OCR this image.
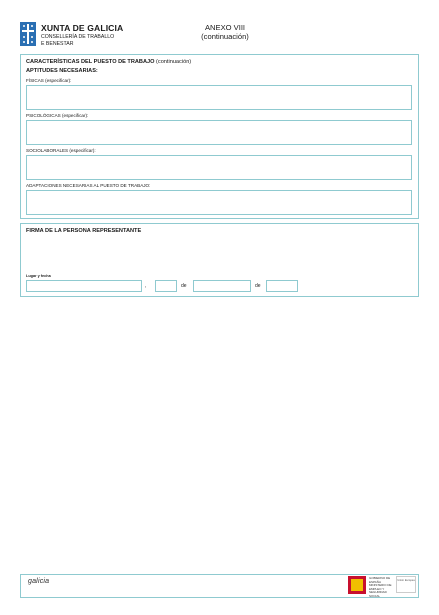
XUNTA DE GALICIA
CONSELLERÍA DE TRABALLO
E BENESTAR
ANEXO VIII
(continuación)
CARACTERÍSTICAS DEL PUESTO DE TRABAJO (continuación)
APTITUDES NECESARIAS:
FÍSICAS (especificar):
PSICOLÓGICAS (especificar):
SOCIOLABORALES (especificar):
ADAPTACIONES NECESARIAS AL PUESTO DE TRABAJO:
FIRMA DE LA PERSONA REPRESENTANTE
Lugar y fecha
,	de	de
galicia	GOBIERNO DE ESPAÑA MINISTERIO DE EMPLEO Y SEGURIDAD SOCIAL
Unión Europea
